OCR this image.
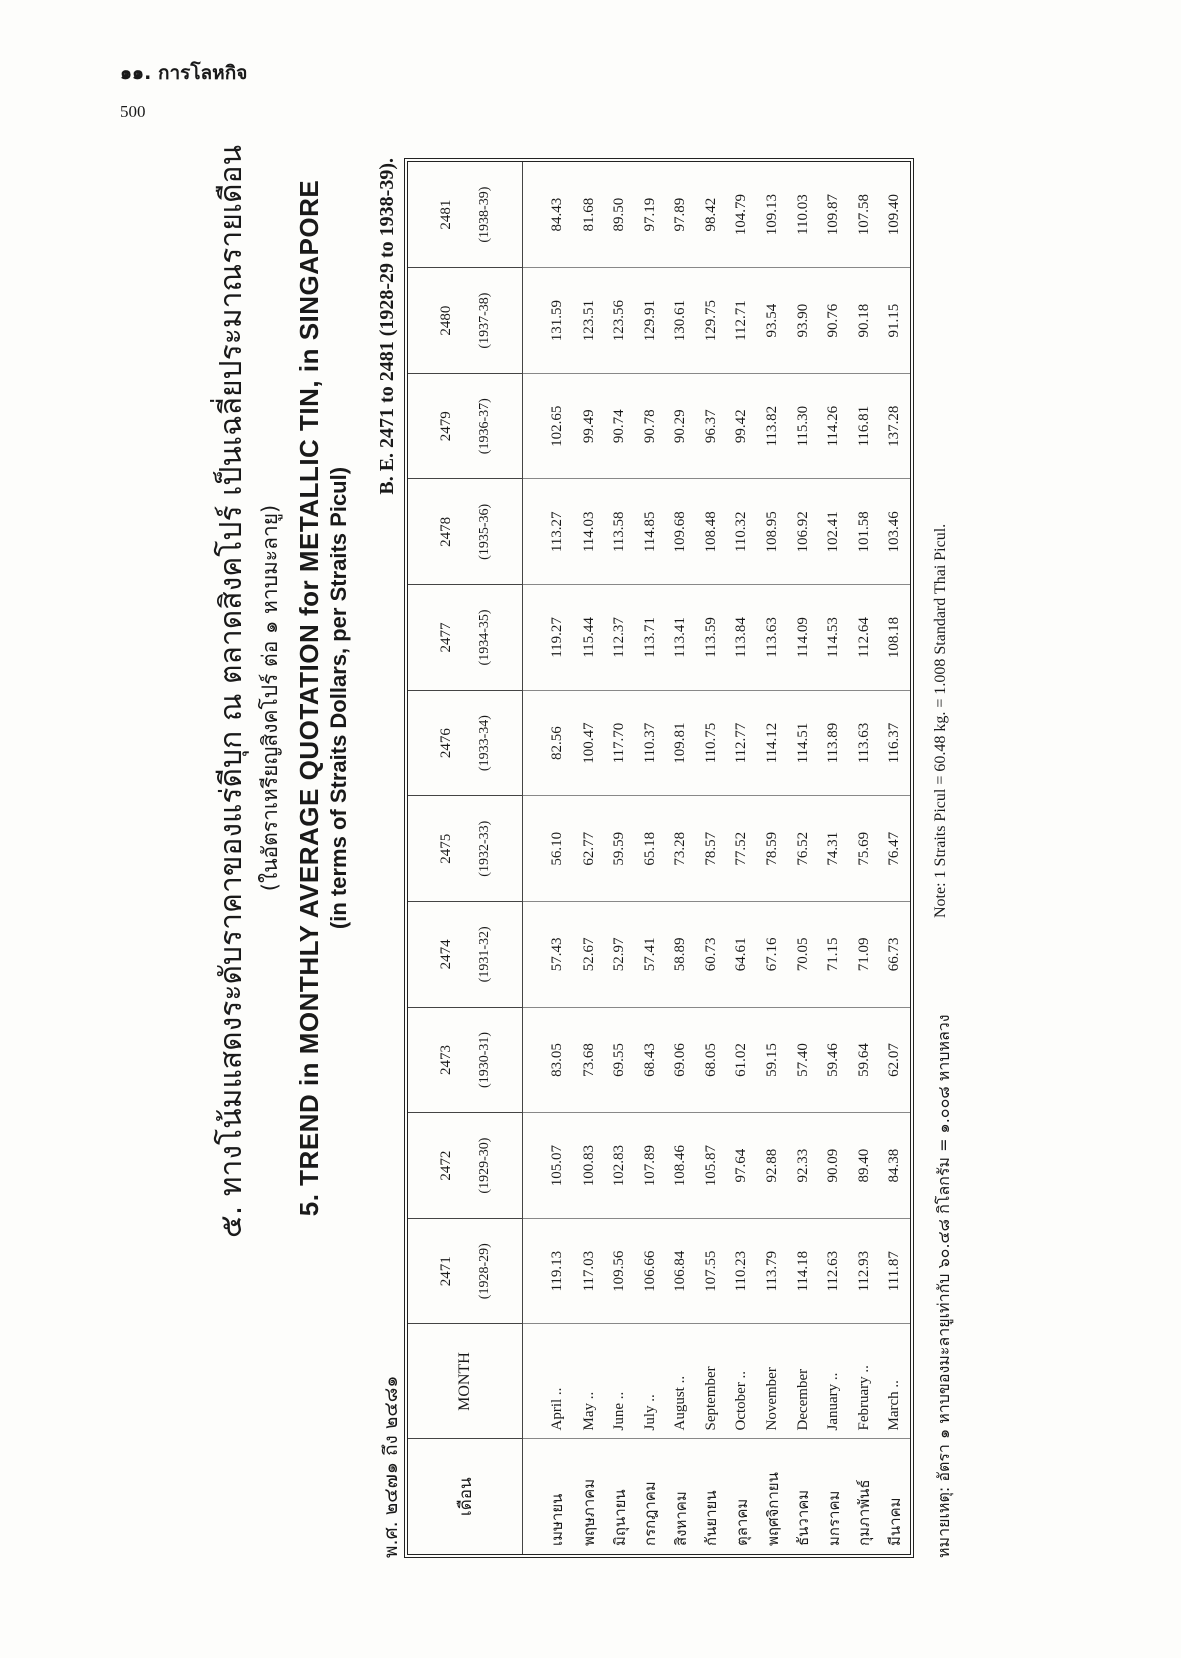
๑๑. การโลหกิจ
500
๕. ทางโน้มแสดงระดับราคาของแร่ดีบุก ณ ตลาดสิงคโปร์ เป็นเฉลี่ยประมาณรายเดือน (ในอัตราเหรียญสิงคโปร์ ต่อ ๑ หาบมะลายู) 5. TREND in MONTHLY AVERAGE QUOTATION for METALLIC TIN, in SINGAPORE (in terms of Straits Dollars, per Straits Picul)
พ.ศ. ๒๔๗๑ ถึง ๒๔๘๑
B. E. 2471 to 2481 (1928-29 to 1938-39).
เดือน	MONTH	2471 (1928-29)	2472 (1929-30)	2473 (1930-31)	2474 (1931-32)	2475 (1932-33)	2476 (1933-34)	2477 (1934-35)	2478 (1935-36)	2479 (1936-37)	2480 (1937-38)	2481 (1938-39)

เมษายน	April ..	119.13	105.07	83.05	57.43	56.10	82.56	119.27	113.27	102.65	131.59	84.43
พฤษภาคม	May ..	117.03	100.83	73.68	52.67	62.77	100.47	115.44	114.03	99.49	123.51	81.68
มิถุนายน	June ..	109.56	102.83	69.55	52.97	59.59	117.70	112.37	113.58	90.74	123.56	89.50
กรกฎาคม	July ..	106.66	107.89	68.43	57.41	65.18	110.37	113.71	114.85	90.78	129.91	97.19
สิงหาคม	August ..	106.84	108.46	69.06	58.89	73.28	109.81	113.41	109.68	90.29	130.61	97.89
กันยายน	September	107.55	105.87	68.05	60.73	78.57	110.75	113.59	108.48	96.37	129.75	98.42
ตุลาคม	October ..	110.23	97.64	61.02	64.61	77.52	112.77	113.84	110.32	99.42	112.71	104.79
พฤศจิกายน	November	113.79	92.88	59.15	67.16	78.59	114.12	113.63	108.95	113.82	93.54	109.13
ธันวาคม	December	114.18	92.33	57.40	70.05	76.52	114.51	114.09	106.92	115.30	93.90	110.03
มกราคม	January ..	112.63	90.09	59.46	71.15	74.31	113.89	114.53	102.41	114.26	90.76	109.87
กุมภาพันธ์	February ..	112.93	89.40	59.64	71.09	75.69	113.63	112.64	101.58	116.81	90.18	107.58
มีนาคม	March ..	111.87	84.38	62.07	66.73	76.47	116.37	108.18	103.46	137.28	91.15	109.40
หมายเหตุ: อัตรา ๑ หาบของมะลายูเท่ากับ ๖๐.๔๘ กิโลกรัม = ๑.๐๐๘ หาบหลวง
Note: 1 Straits Picul = 60.48 kg. = 1.008 Standard Thai Picul.
